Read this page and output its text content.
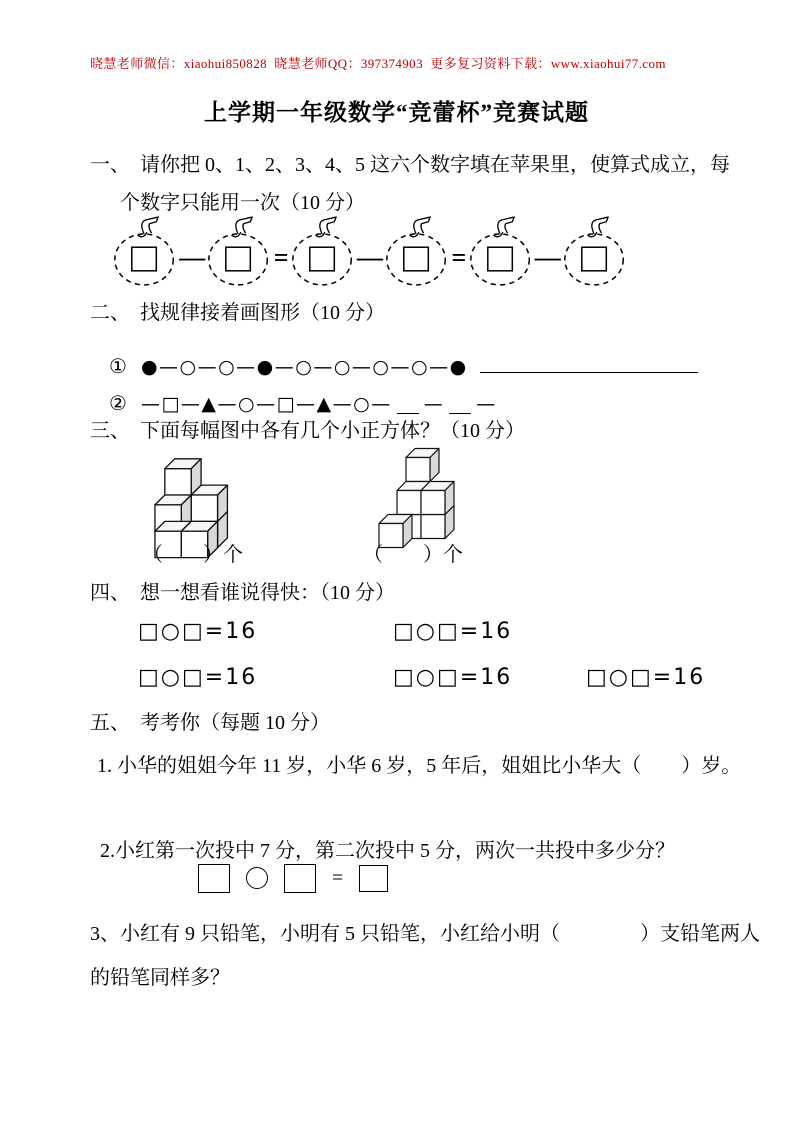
晓慧老师微信：xiaohui850828  晓慧老师QQ：397374903  更多复习资料下载：www.xiaohui77.com
上学期一年级数学“竞蕾杯”竞赛试题
一、　请你把 0、1、2、3、4、5 这六个数字填在苹果里，使算式成立，每
个数字只能用一次（10 分）
—	=	—	=	—
二、　找规律接着画图形（10 分）

① ●—○—○—●—○—○—○—○—●

② —□—▲—○—□—▲—○— — —

三、　下面每幅图中各有几个小正方体？（10 分）
（　　）个	（　　）个
四、　想一想看谁说得快：（10 分）
□○□=16	□○□=16
□○□=16	□○□=16	□○□=16
五、　考考你（每题 10 分）
1. 小华的姐姐今年 11 岁，小华 6 岁，5 年后，姐姐比小华大（　　）岁。
2.小红第一次投中 7 分，第二次投中 5 分，两次一共投中多少分？
=
3、小红有 9 只铅笔，小明有 5 只铅笔，小红给小明（　　　　）支铅笔两人
的铅笔同样多？
